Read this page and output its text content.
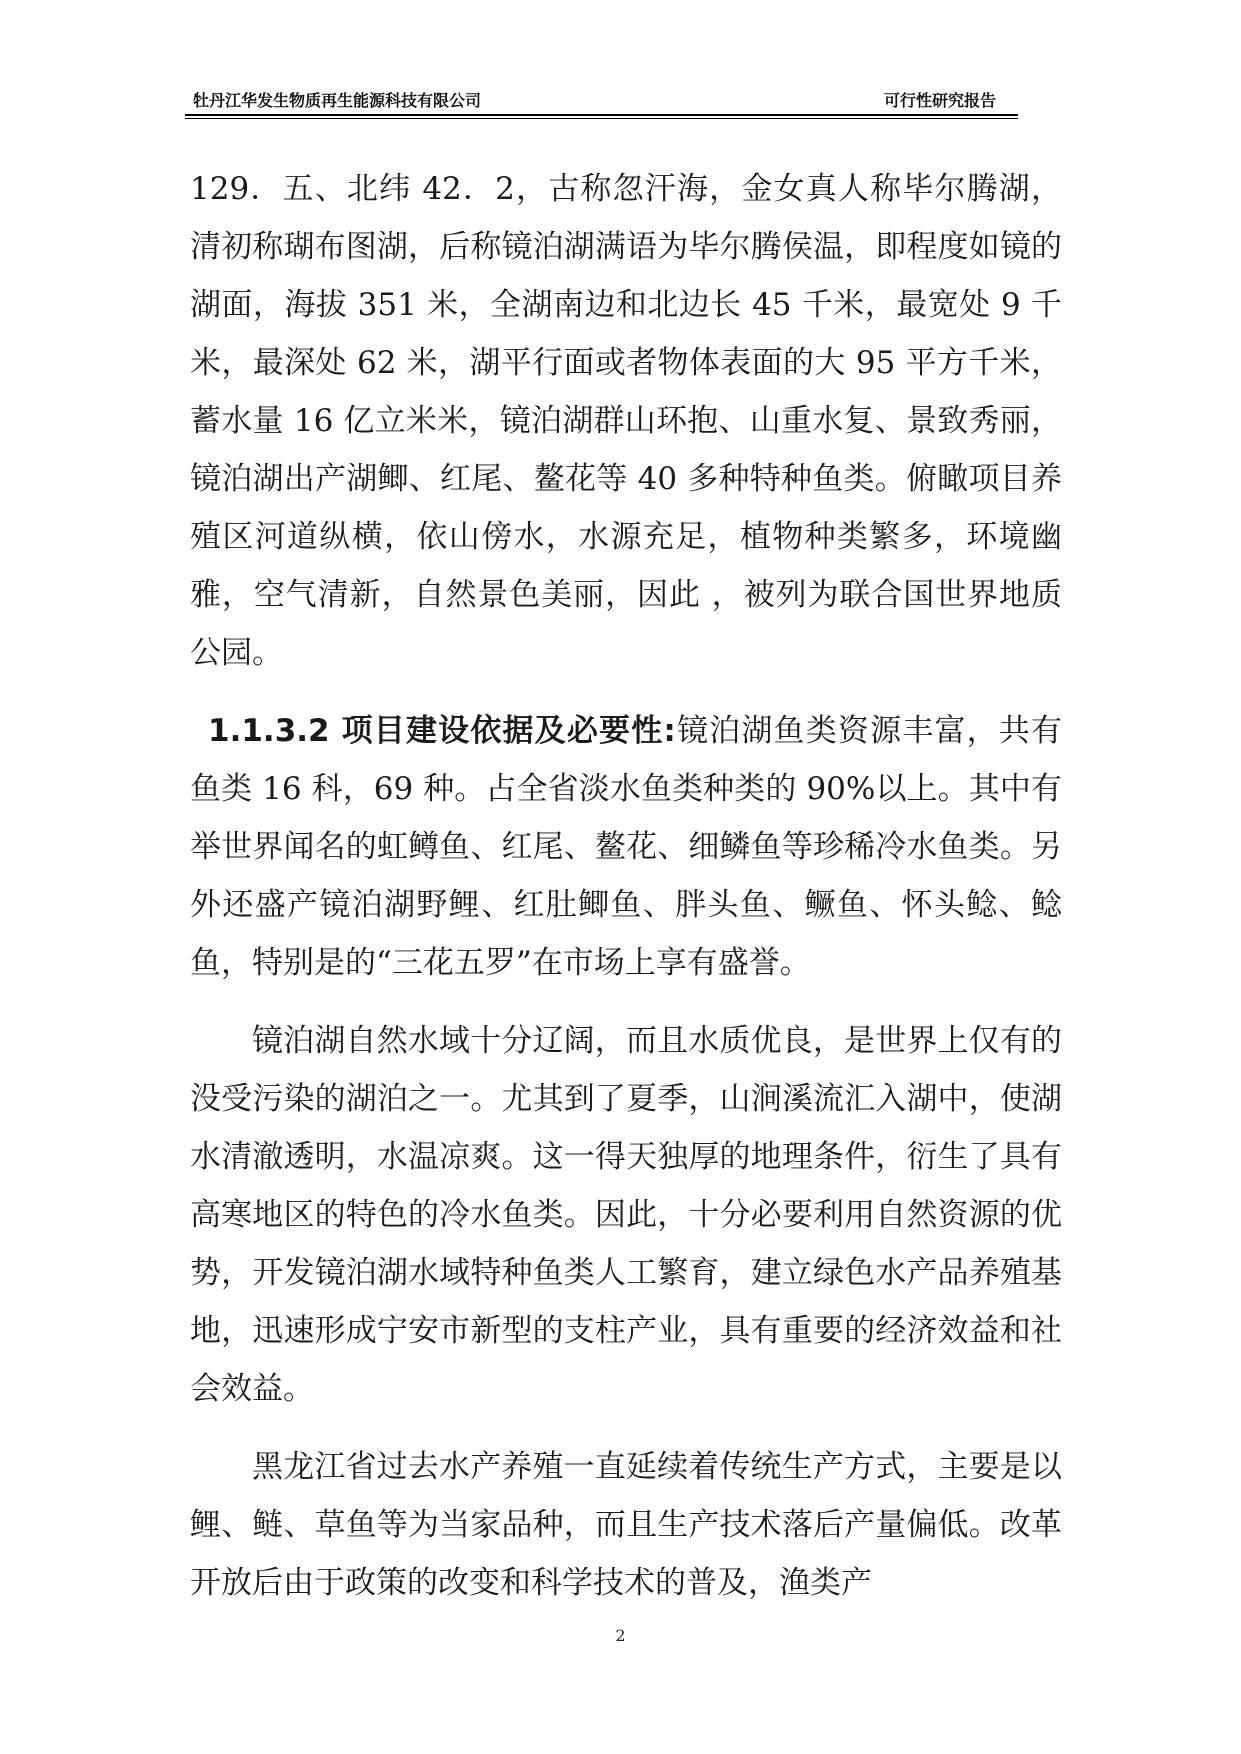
牡丹江华发生物质再生能源科技有限公司	可行性研究报告

129．五、北纬 42．2，古称忽汗海，金女真人称毕尔腾湖，清初称瑚布图湖，后称镜泊湖满语为毕尔腾侯温，即程度如镜的湖面，海拔 351 米，全湖南边和北边长 45 千米，最宽处 9 千米，最深处 62 米，湖平行面或者物体表面的大 95 平方千米，蓄水量 16 亿立米米，镜泊湖群山环抱、山重水复、景致秀丽，镜泊湖出产湖鲫、红尾、鳌花等 40 多种特种鱼类。俯瞰项目养殖区河道纵横，依山傍水，水源充足，植物种类繁多，环境幽雅，空气清新，自然景色美丽，因此 ，被列为联合国世界地质公园。

1.1.3.2 项目建设依据及必要性:镜泊湖鱼类资源丰富，共有鱼类 16 科，69 种。占全省淡水鱼类种类的 90%以上。其中有举世界闻名的虹鳟鱼、红尾、鳌花、细鳞鱼等珍稀冷水鱼类。另外还盛产镜泊湖野鲤、红肚鲫鱼、胖头鱼、鳜鱼、怀头鲶、鲶鱼，特别是的“三花五罗”在市场上享有盛誉。

镜泊湖自然水域十分辽阔，而且水质优良，是世界上仅有的没受污染的湖泊之一。尤其到了夏季，山涧溪流汇入湖中，使湖水清澈透明，水温凉爽。这一得天独厚的地理条件，衍生了具有高寒地区的特色的冷水鱼类。因此，十分必要利用自然资源的优势，开发镜泊湖水域特种鱼类人工繁育，建立绿色水产品养殖基地，迅速形成宁安市新型的支柱产业，具有重要的经济效益和社会效益。

黑龙江省过去水产养殖一直延续着传统生产方式，主要是以鲤、鲢、草鱼等为当家品种，而且生产技术落后产量偏低。改革开放后由于政策的改变和科学技术的普及，渔类产

2
